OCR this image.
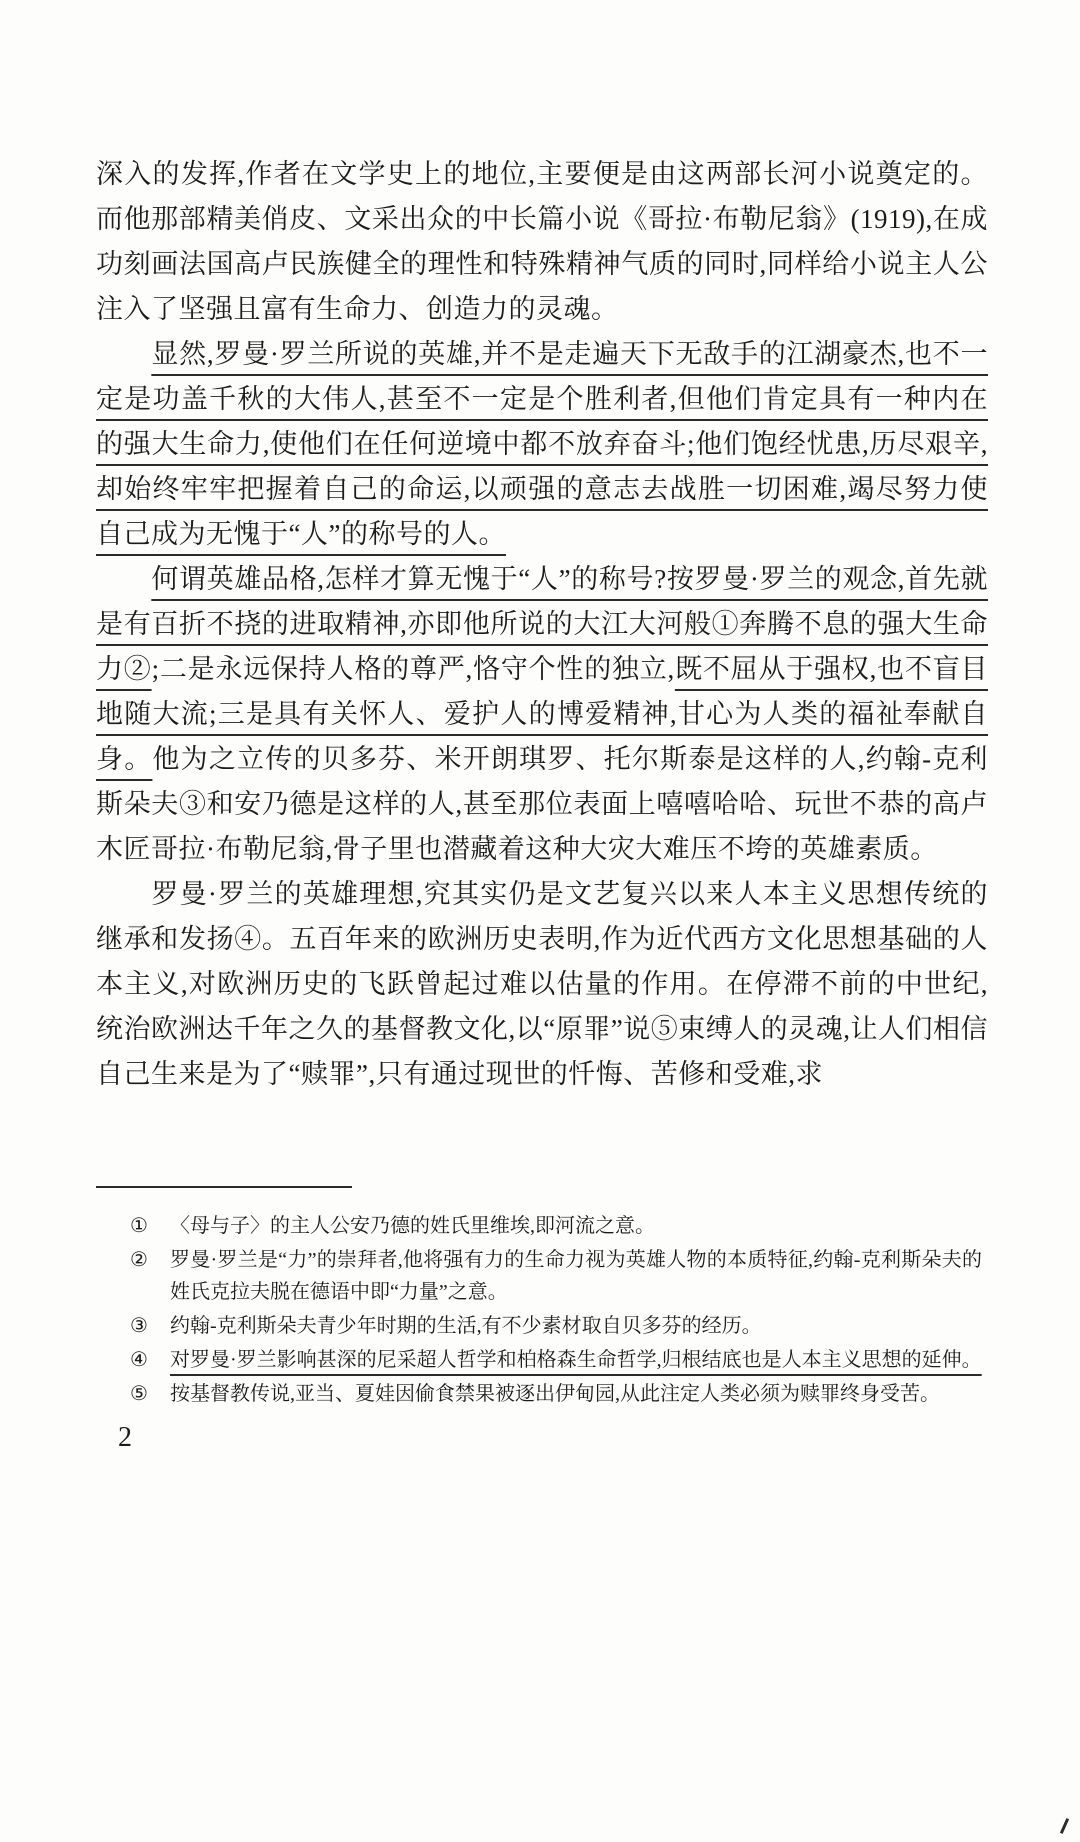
深入的发挥,作者在文学史上的地位,主要便是由这两部长河小说奠定的。而他那部精美俏皮、文采出众的中长篇小说《哥拉·布勒尼翁》(1919),在成功刻画法国高卢民族健全的理性和特殊精神气质的同时,同样给小说主人公注入了坚强且富有生命力、创造力的灵魂。

显然,罗曼·罗兰所说的英雄,并不是走遍天下无敌手的江湖豪杰,也不一定是功盖千秋的大伟人,甚至不一定是个胜利者,但他们肯定具有一种内在的强大生命力,使他们在任何逆境中都不放弃奋斗;他们饱经忧患,历尽艰辛,却始终牢牢把握着自己的命运,以顽强的意志去战胜一切困难,竭尽努力使自己成为无愧于“人”的称号的人。

何谓英雄品格,怎样才算无愧于“人”的称号?按罗曼·罗兰的观念,首先就是有百折不挠的进取精神,亦即他所说的大江大河般①奔腾不息的强大生命力②;二是永远保持人格的尊严,恪守个性的独立,既不屈从于强权,也不盲目地随大流;三是具有关怀人、爱护人的博爱精神,甘心为人类的福祉奉献自身。他为之立传的贝多芬、米开朗琪罗、托尔斯泰是这样的人,约翰-克利斯朵夫③和安乃德是这样的人,甚至那位表面上嘻嘻哈哈、玩世不恭的高卢木匠哥拉·布勒尼翁,骨子里也潜藏着这种大灾大难压不垮的英雄素质。

罗曼·罗兰的英雄理想,究其实仍是文艺复兴以来人本主义思想传统的继承和发扬④。五百年来的欧洲历史表明,作为近代西方文化思想基础的人本主义,对欧洲历史的飞跃曾起过难以估量的作用。在停滞不前的中世纪,统治欧洲达千年之久的基督教文化,以“原罪”说⑤束缚人的灵魂,让人们相信自己生来是为了“赎罪”,只有通过现世的忏悔、苦修和受难,求

①	〈母与子〉的主人公安乃德的姓氏里维埃,即河流之意。
②	罗曼·罗兰是“力”的崇拜者,他将强有力的生命力视为英雄人物的本质特征,约翰-克利斯朵夫的姓氏克拉夫脱在德语中即“力量”之意。
③	约翰-克利斯朵夫青少年时期的生活,有不少素材取自贝多芬的经历。
④	对罗曼·罗兰影响甚深的尼采超人哲学和柏格森生命哲学,归根结底也是人本主义思想的延伸。
⑤	按基督教传说,亚当、夏娃因偷食禁果被逐出伊甸园,从此注定人类必须为赎罪终身受苦。
2
